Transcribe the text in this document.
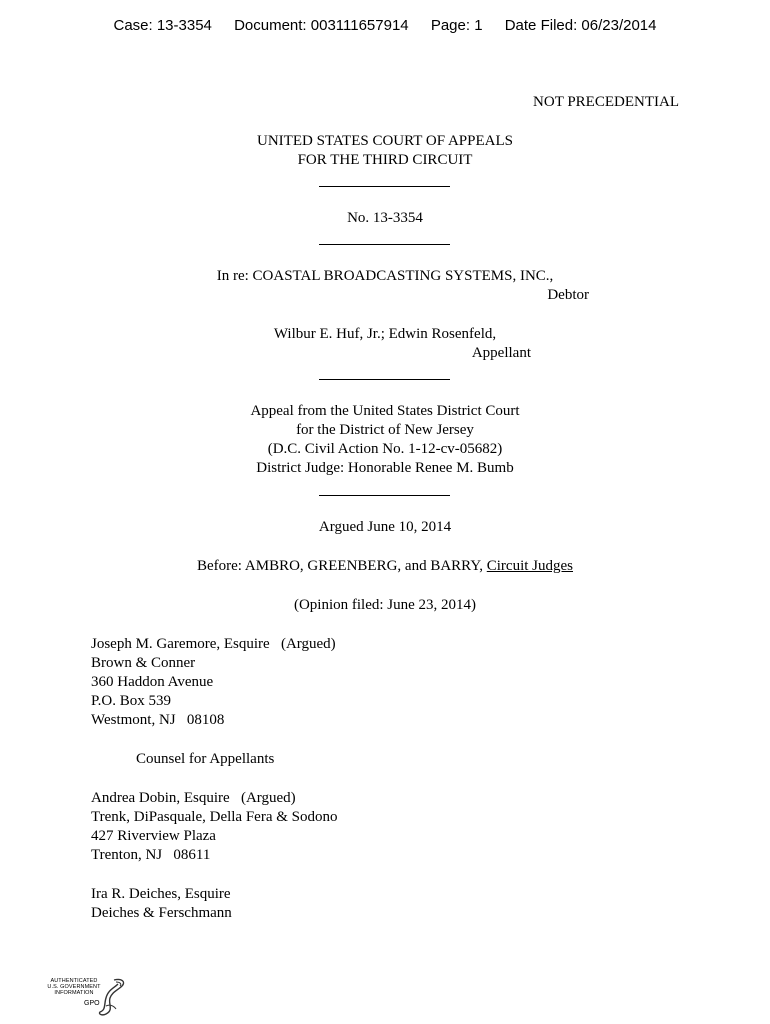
Case: 13-3354 Document: 003111657914 Page: 1 Date Filed: 06/23/2014
NOT PRECEDENTIAL
UNITED STATES COURT OF APPEALS
FOR THE THIRD CIRCUIT
No. 13-3354
In re: COASTAL BROADCASTING SYSTEMS, INC.,
Debtor
Wilbur E. Huf, Jr.; Edwin Rosenfeld,
Appellant
Appeal from the United States District Court
for the District of New Jersey
(D.C. Civil Action No. 1-12-cv-05682)
District Judge: Honorable Renee M. Bumb
Argued June 10, 2014
Before: AMBRO, GREENBERG, and BARRY, Circuit Judges
(Opinion filed: June 23, 2014)
Joseph M. Garemore, Esquire   (Argued)
Brown & Conner
360 Haddon Avenue
P.O. Box 539
Westmont, NJ   08108
Counsel for Appellants
Andrea Dobin, Esquire   (Argued)
Trenk, DiPasquale, Della Fera & Sodono
427 Riverview Plaza
Trenton, NJ   08611
Ira R. Deiches, Esquire
Deiches & Ferschmann
AUTHENTICATED
U.S. GOVERNMENT
INFORMATION
GPO
